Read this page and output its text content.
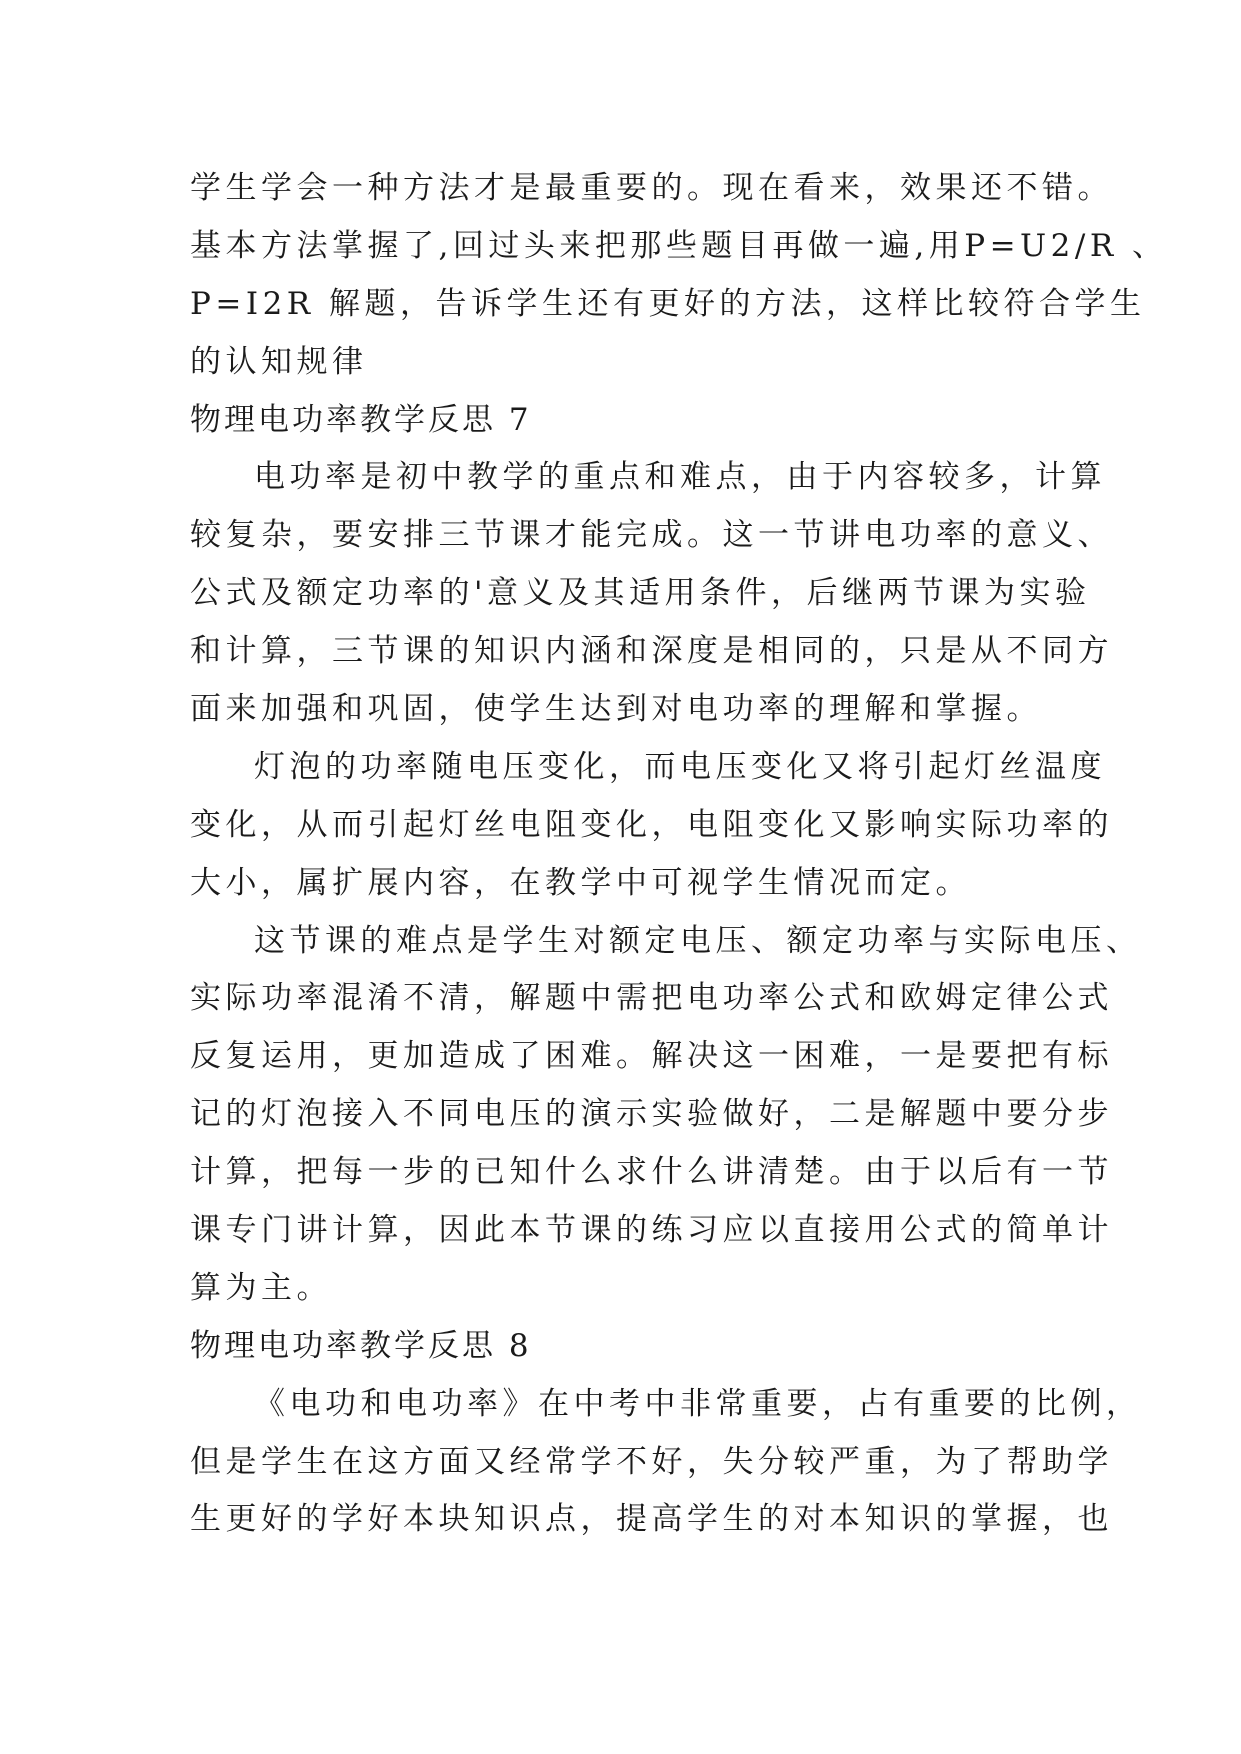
学生学会一种方法才是最重要的。现在看来，效果还不错。
基本方法掌握了,回过头来把那些题目再做一遍,用P=U2/R 、
P=I2R 解题，告诉学生还有更好的方法，这样比较符合学生
的认知规律
物理电功率教学反思 7
电功率是初中教学的重点和难点，由于内容较多，计算
较复杂，要安排三节课才能完成。这一节讲电功率的意义、
公式及额定功率的'意义及其适用条件，后继两节课为实验
和计算，三节课的知识内涵和深度是相同的，只是从不同方
面来加强和巩固，使学生达到对电功率的理解和掌握。
灯泡的功率随电压变化，而电压变化又将引起灯丝温度
变化，从而引起灯丝电阻变化，电阻变化又影响实际功率的
大小，属扩展内容，在教学中可视学生情况而定。
这节课的难点是学生对额定电压、额定功率与实际电压、
实际功率混淆不清，解题中需把电功率公式和欧姆定律公式
反复运用，更加造成了困难。解决这一困难，一是要把有标
记的灯泡接入不同电压的演示实验做好，二是解题中要分步
计算，把每一步的已知什么求什么讲清楚。由于以后有一节
课专门讲计算，因此本节课的练习应以直接用公式的简单计
算为主。
物理电功率教学反思 8
《电功和电功率》在中考中非常重要，占有重要的比例，
但是学生在这方面又经常学不好，失分较严重，为了帮助学
生更好的学好本块知识点，提高学生的对本知识的掌握，也
